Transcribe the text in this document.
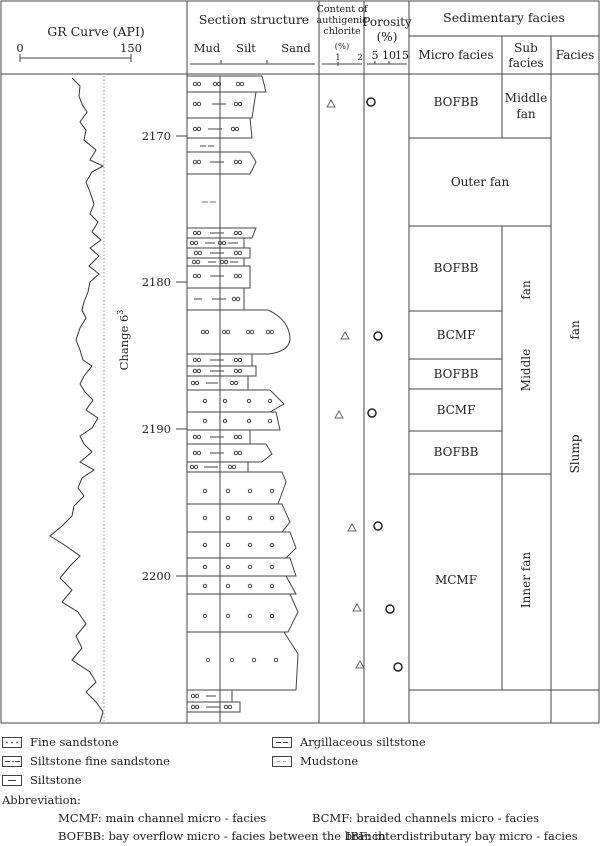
GR Curve (API)
0	150
Section structure
Mud Silt Sand
Content of
authigenic
chlorite
(%)
1 2
Porosity
(%)
5 10 15
Sedimentary facies
Micro facies Sub
facies
Facies
2170
2180
2190
2200
Change $6^3$
BOFBB
Outer fan
BOFBB
BCMF
BOFBB
BCMF
BOFBB
MCMF
Middle
fan
fan
Middle
Inner fan
fan
Slump
Fine sandstone
Siltstone fine sandstone
Siltstone
Argillaceous siltstone
Mudstone
Abbreviation:
MCMF: main channel micro - facies	BCMF: braided channels micro - facies
BOFBB: bay overflow micro - facies between the branch
IBF: interdistributary bay micro - facies
